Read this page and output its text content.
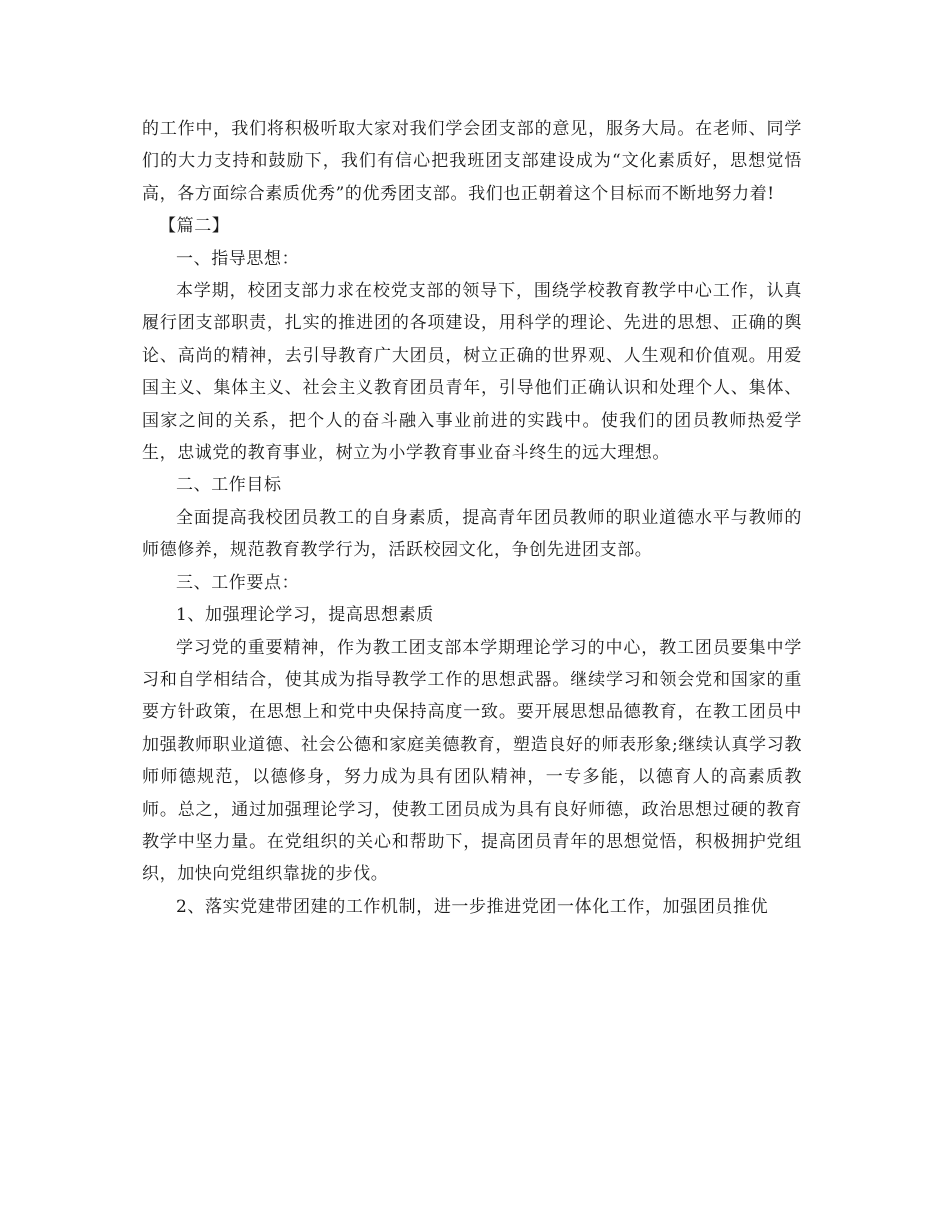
的工作中，我们将积极听取大家对我们学会团支部的意见，服务大局。在老师、同学们的大力支持和鼓励下，我们有信心把我班团支部建设成为“文化素质好，思想觉悟高，各方面综合素质优秀”的优秀团支部。我们也正朝着这个目标而不断地努力着!

【篇二】

一、指导思想：

本学期，校团支部力求在校党支部的领导下，围绕学校教育教学中心工作，认真履行团支部职责，扎实的推进团的各项建设，用科学的理论、先进的思想、正确的舆论、高尚的精神，去引导教育广大团员，树立正确的世界观、人生观和价值观。用爱国主义、集体主义、社会主义教育团员青年，引导他们正确认识和处理个人、集体、国家之间的关系，把个人的奋斗融入事业前进的实践中。使我们的团员教师热爱学生，忠诚党的教育事业，树立为小学教育事业奋斗终生的远大理想。

二、工作目标

全面提高我校团员教工的自身素质，提高青年团员教师的职业道德水平与教师的师德修养，规范教育教学行为，活跃校园文化，争创先进团支部。

三、工作要点：

1、加强理论学习，提高思想素质

学习党的重要精神，作为教工团支部本学期理论学习的中心，教工团员要集中学习和自学相结合，使其成为指导教学工作的思想武器。继续学习和领会党和国家的重要方针政策，在思想上和党中央保持高度一致。要开展思想品德教育，在教工团员中加强教师职业道德、社会公德和家庭美德教育，塑造良好的师表形象;继续认真学习教师师德规范，以德修身，努力成为具有团队精神，一专多能，以德育人的高素质教师。总之，通过加强理论学习，使教工团员成为具有良好师德，政治思想过硬的教育教学中坚力量。在党组织的关心和帮助下，提高团员青年的思想觉悟，积极拥护党组织，加快向党组织靠拢的步伐。

2、落实党建带团建的工作机制，进一步推进党团一体化工作，加强团员推优
